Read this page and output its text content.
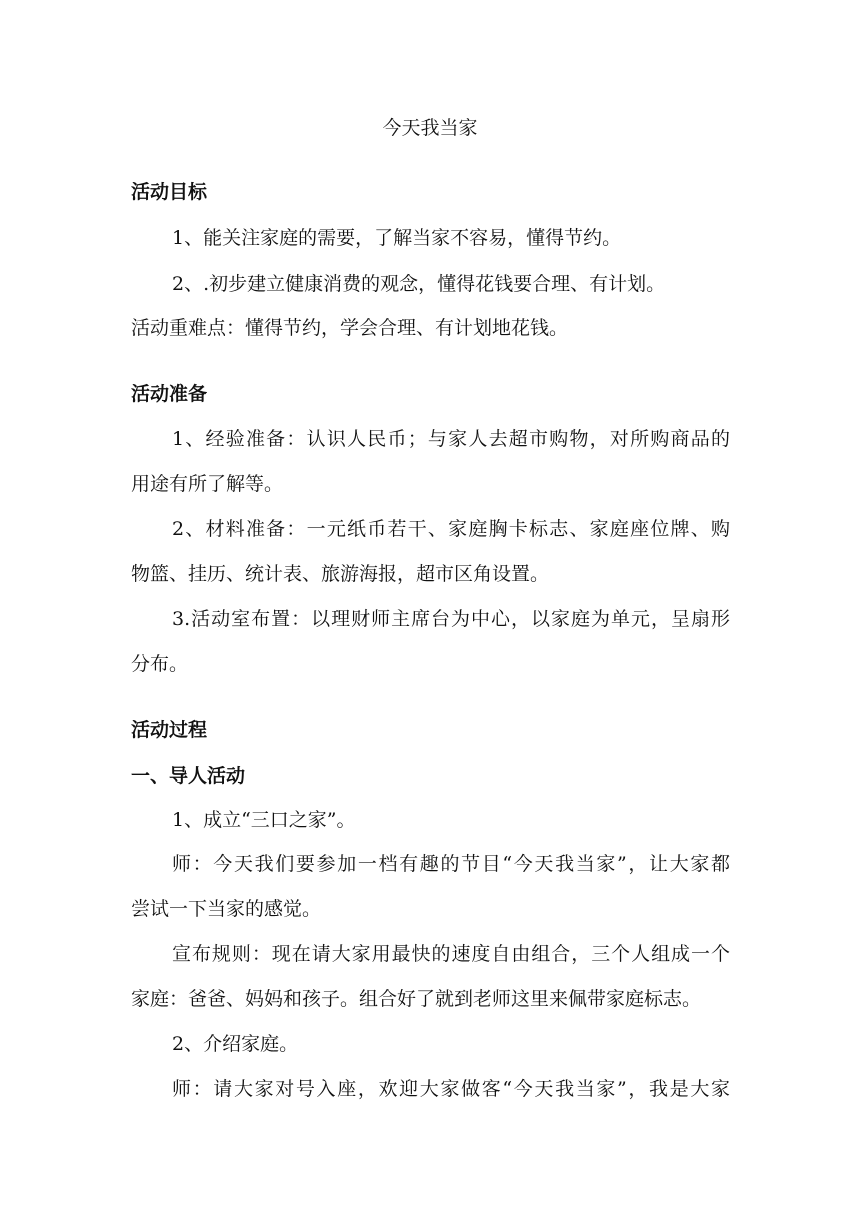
今天我当家
活动目标
1、能关注家庭的需要，了解当家不容易，懂得节约。
2、.初步建立健康消费的观念，懂得花钱要合理、有计划。
活动重难点：懂得节约，学会合理、有计划地花钱。
活动准备
1、经验准备：认识人民币；与家人去超市购物，对所购商品的
用途有所了解等。
2、材料准备：一元纸币若干、家庭胸卡标志、家庭座位牌、购
物篮、挂历、统计表、旅游海报，超市区角设置。
3.活动室布置：以理财师主席台为中心，以家庭为单元，呈扇形
分布。
活动过程
一、导人活动
1、成立“三口之家”。
师：今天我们要参加一档有趣的节目“今天我当家”，让大家都
尝试一下当家的感觉。
宣布规则：现在请大家用最快的速度自由组合，三个人组成一个
家庭：爸爸、妈妈和孩子。组合好了就到老师这里来佩带家庭标志。
2、介绍家庭。
师：请大家对号入座，欢迎大家做客“今天我当家”，我是大家
